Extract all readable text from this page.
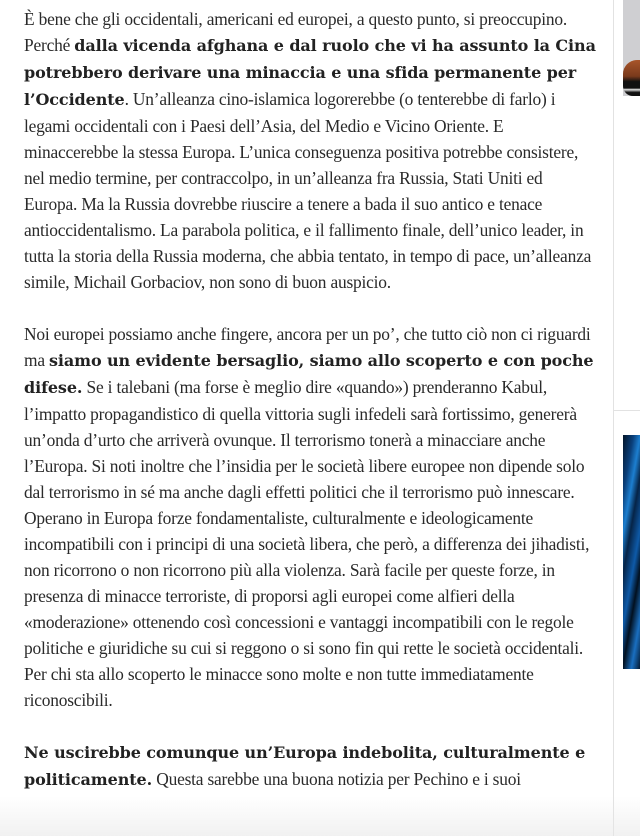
È bene che gli occidentali, americani ed europei, a questo punto, si preoccupino. Perché dalla vicenda afghana e dal ruolo che vi ha assunto la Cina potrebbero derivare una minaccia e una sfida permanente per l’Occidente. Un’alleanza cino-islamica logorerebbe (o tenterebbe di farlo) i legami occidentali con i Paesi dell’Asia, del Medio e Vicino Oriente. E minaccerebbe la stessa Europa. L’unica conseguenza positiva potrebbe consistere, nel medio termine, per contraccolpo, in un’alleanza fra Russia, Stati Uniti ed Europa. Ma la Russia dovrebbe riuscire a tenere a bada il suo antico e tenace antioccidentalismo. La parabola politica, e il fallimento finale, dell’unico leader, in tutta la storia della Russia moderna, che abbia tentato, in tempo di pace, un’alleanza simile, Michail Gorbaciov, non sono di buon auspicio.

Noi europei possiamo anche fingere, ancora per un po’, che tutto ciò non ci riguardi ma siamo un evidente bersaglio, siamo allo scoperto e con poche difese. Se i talebani (ma forse è meglio dire «quando») prenderanno Kabul, l’impatto propagandistico di quella vittoria sugli infedeli sarà fortissimo, genererà un’onda d’urto che arriverà ovunque. Il terrorismo tonerà a minacciare anche l’Europa. Si noti inoltre che l’insidia per le società libere europee non dipende solo dal terrorismo in sé ma anche dagli effetti politici che il terrorismo può innescare. Operano in Europa forze fondamentaliste, culturalmente e ideologicamente incompatibili con i principi di una società libera, che però, a differenza dei jihadisti, non ricorrono o non ricorrono più alla violenza. Sarà facile per queste forze, in presenza di minacce terroriste, di proporsi agli europei come alfieri della «moderazione» ottenendo così concessioni e vantaggi incompatibili con le regole politiche e giuridiche su cui si reggono o si sono fin qui rette le società occidentali. Per chi sta allo scoperto le minacce sono molte e non tutte immediatamente riconoscibili.

Ne uscirebbe comunque un’Europa indebolita, culturalmente e politicamente. Questa sarebbe una buona notizia per Pechino e i suoi
